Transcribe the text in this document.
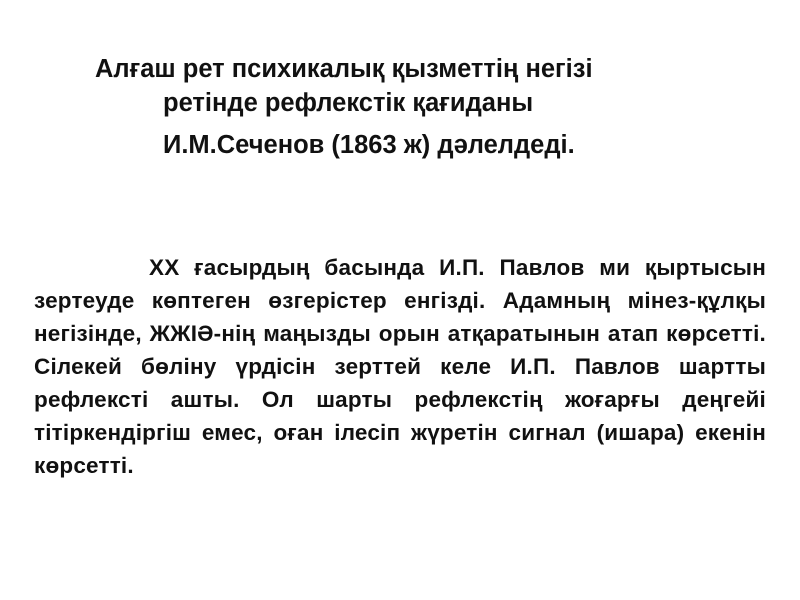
Алғаш рет психикалық қызметтің негізі
ретінде рефлекстік қағиданы
И.М.Сеченов (1863 ж) дәлелдеді.

XX ғасырдың басында И.П. Павлов ми қыртысын зертеуде көптеген өзгерістер енгізді. Адамның мінез-құлқы негізінде, ЖЖІӘ-нің маңызды орын атқаратынын атап көрсетті. Сілекей бөліну үрдісін зерттей келе И.П. Павлов шартты рефлексті ашты. Ол шарты рефлекстің жоғарғы деңгейі тітіркендіргіш емес, оған ілесіп жүретін сигнал (ишара) екенін көрсетті.
